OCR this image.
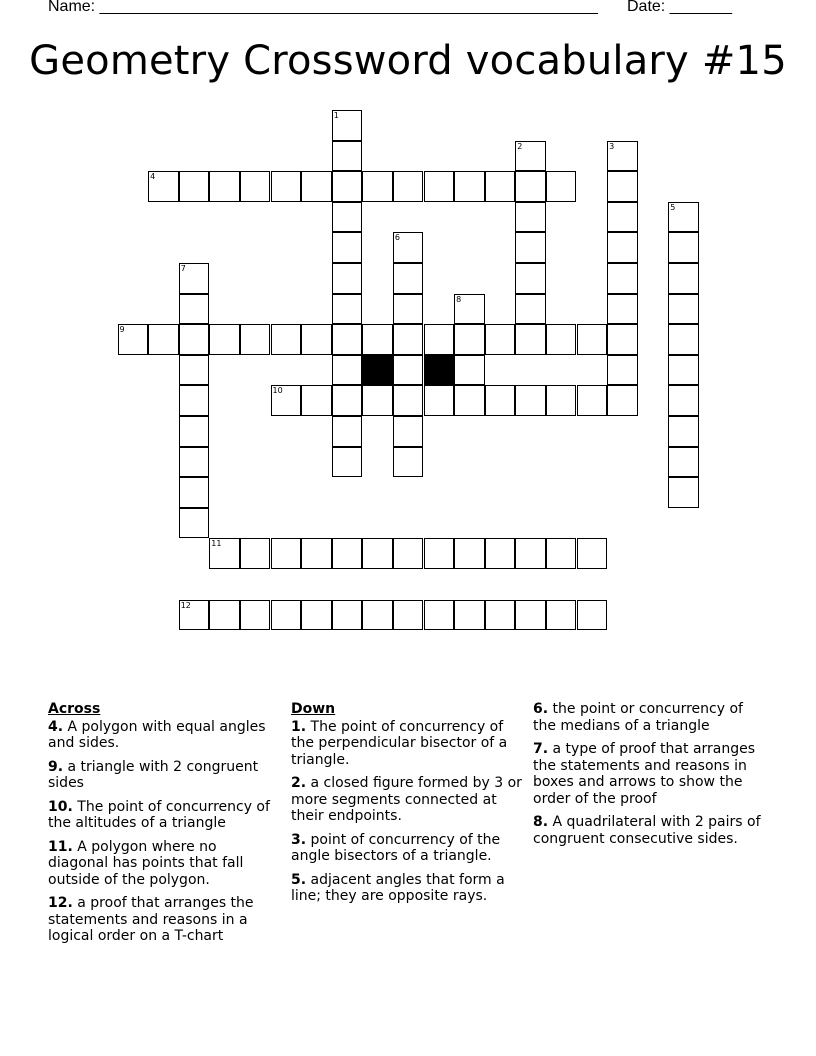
Name: ________________________________________________________ Date: _______
Geometry Crossword vocabulary #15
1
2	3
4
5
6
7
8
9
10
11
12
Across
4. A polygon with equal angles and sides.
9. a triangle with 2 congruent sides
10. The point of concurrency of the altitudes of a triangle
11. A polygon where no diagonal has points that fall outside of the polygon.
12. a proof that arranges the statements and reasons in a logical order on a T-chart
Down
1. The point of concurrency of the perpendicular bisector of a triangle.
2. a closed figure formed by 3 or more segments connected at their endpoints.
3. point of concurrency of the angle bisectors of a triangle.
5. adjacent angles that form a line; they are opposite rays.
6. the point or concurrency of the medians of a triangle
7. a type of proof that arranges the statements and reasons in boxes and arrows to show the order of the proof
8. A quadrilateral with 2 pairs of congruent consecutive sides.
